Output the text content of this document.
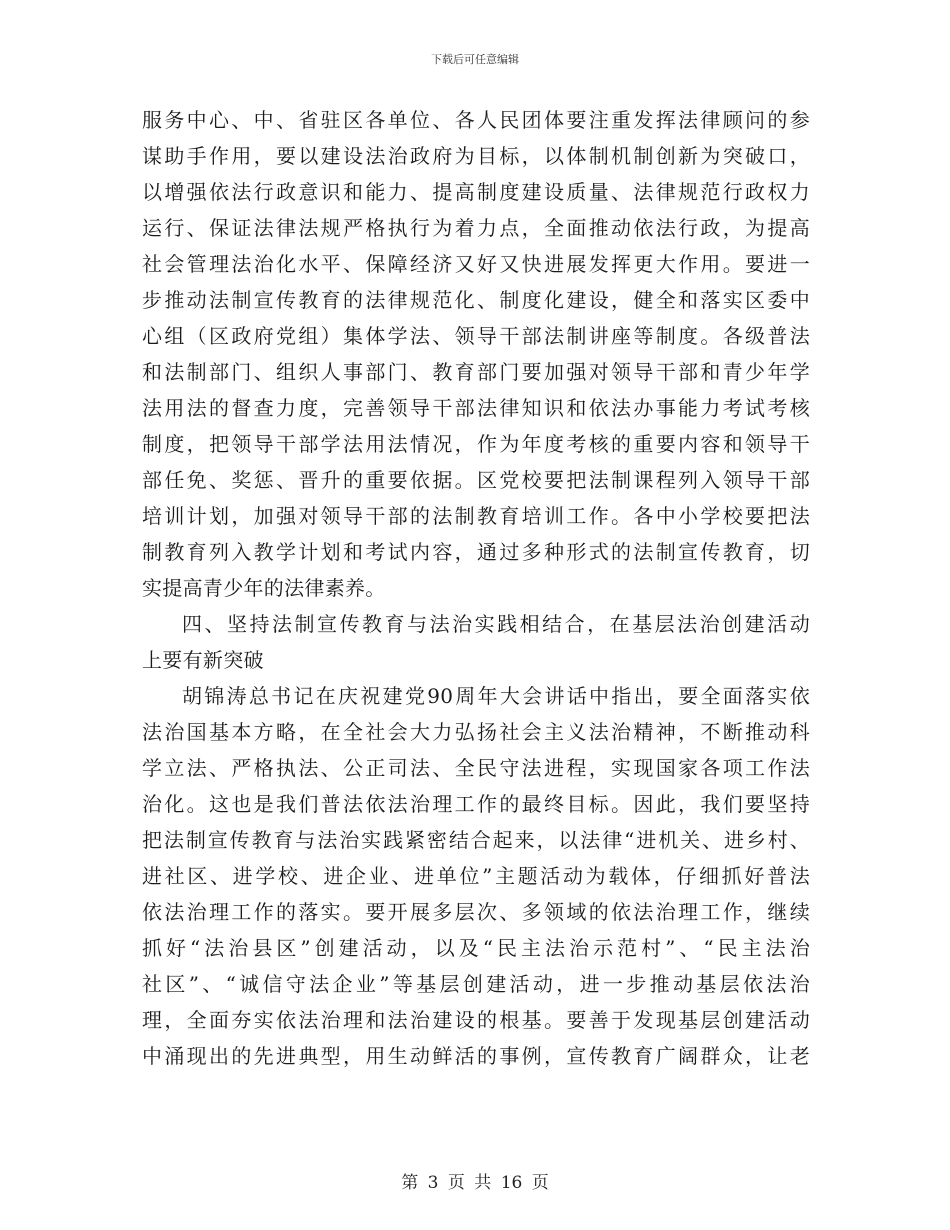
下载后可任意编辑
服务中心、中、省驻区各单位、各人民团体要注重发挥法律顾问的参
谋助手作用，要以建设法治政府为目标，以体制机制创新为突破口，
以增强依法行政意识和能力、提高制度建设质量、法律规范行政权力
运行、保证法律法规严格执行为着力点，全面推动依法行政，为提高
社会管理法治化水平、保障经济又好又快进展发挥更大作用。要进一
步推动法制宣传教育的法律规范化、制度化建设，健全和落实区委中
心组（区政府党组）集体学法、领导干部法制讲座等制度。各级普法
和法制部门、组织人事部门、教育部门要加强对领导干部和青少年学
法用法的督查力度，完善领导干部法律知识和依法办事能力考试考核
制度，把领导干部学法用法情况，作为年度考核的重要内容和领导干
部任免、奖惩、晋升的重要依据。区党校要把法制课程列入领导干部
培训计划，加强对领导干部的法制教育培训工作。各中小学校要把法
制教育列入教学计划和考试内容，通过多种形式的法制宣传教育，切
实提高青少年的法律素养。
四、坚持法制宣传教育与法治实践相结合，在基层法治创建活动
上要有新突破
胡锦涛总书记在庆祝建党90周年大会讲话中指出，要全面落实依
法治国基本方略，在全社会大力弘扬社会主义法治精神，不断推动科
学立法、严格执法、公正司法、全民守法进程，实现国家各项工作法
治化。这也是我们普法依法治理工作的最终目标。因此，我们要坚持
把法制宣传教育与法治实践紧密结合起来，以法律“进机关、进乡村、
进社区、进学校、进企业、进单位”主题活动为载体，仔细抓好普法
依法治理工作的落实。要开展多层次、多领域的依法治理工作，继续
抓好“法治县区”创建活动，以及“民主法治示范村”、“民主法治
社区”、“诚信守法企业”等基层创建活动，进一步推动基层依法治
理，全面夯实依法治理和法治建设的根基。要善于发现基层创建活动
中涌现出的先进典型，用生动鲜活的事例，宣传教育广阔群众，让老
第 3 页 共 16 页
